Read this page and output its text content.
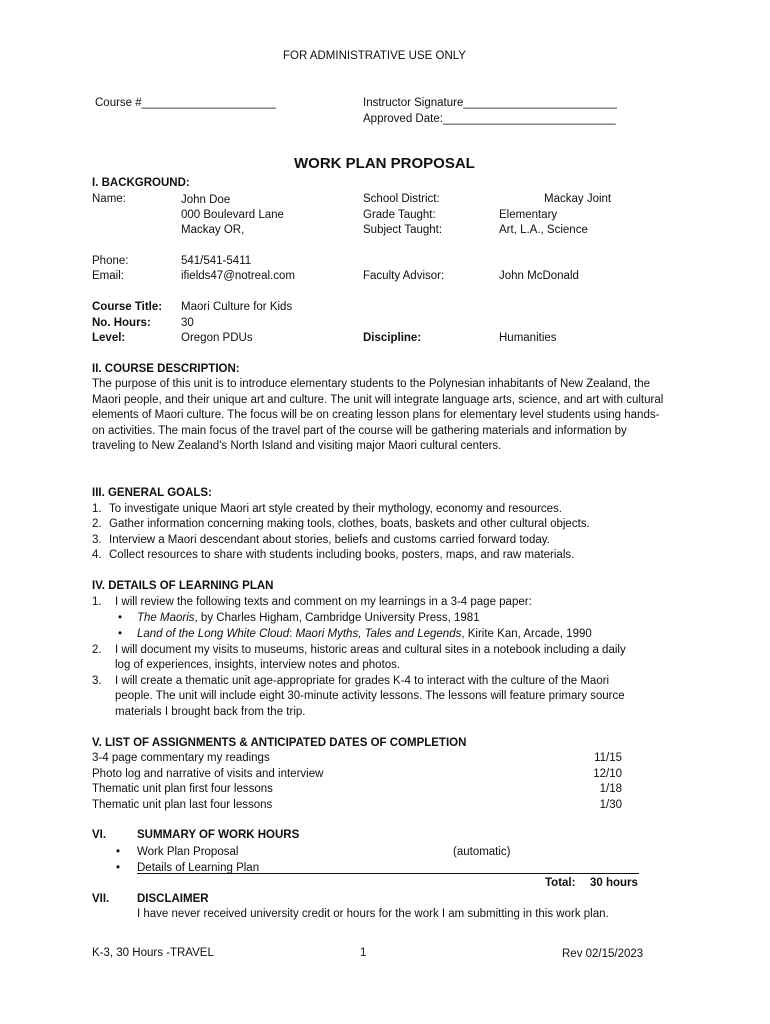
FOR ADMINISTRATIVE USE ONLY
Course #_____________________	Instructor Signature________________________
Approved Date:___________________________
WORK PLAN PROPOSAL
I. BACKGROUND:
Name:	John Doe
000 Boulevard Lane
Mackay OR,
School District:	Mackay Joint
Grade Taught:	Elementary
Subject Taught:	Art, L.A., Science
Phone:	541/541-5411
Email:	ifields47@notreal.com	Faculty Advisor:	John McDonald
Course Title: Maori Culture for Kids
No. Hours:	30
Level:	Oregon PDUs	Discipline:	Humanities
II. COURSE DESCRIPTION:
The purpose of this unit is to introduce elementary students to the Polynesian inhabitants of New Zealand, the Maori people, and their unique art and culture. The unit will integrate language arts, science, and art with cultural elements of Maori culture. The focus will be on creating lesson plans for elementary level students using hands-on activities. The main focus of the travel part of the course will be gathering materials and information by traveling to New Zealand's North Island and visiting major Maori cultural centers.
III. GENERAL GOALS:
1. To investigate unique Maori art style created by their mythology, economy and resources.
2. Gather information concerning making tools, clothes, boats, baskets and other cultural objects.
3. Interview a Maori descendant about stories, beliefs and customs carried forward today.
4. Collect resources to share with students including books, posters, maps, and raw materials.
IV. DETAILS OF LEARNING PLAN
1. I will review the following texts and comment on my learnings in a 3-4 page paper:
• The Maoris, by Charles Higham, Cambridge University Press, 1981
• Land of the Long White Cloud: Maori Myths, Tales and Legends, Kirite Kan, Arcade, 1990
2. I will document my visits to museums, historic areas and cultural sites in a notebook including a daily
log of experiences, insights, interview notes and photos.
3. I will create a thematic unit age-appropriate for grades K-4 to interact with the culture of the Maori
people. The unit will include eight 30-minute activity lessons. The lessons will feature primary source
materials I brought back from the trip.
V. LIST OF ASSIGNMENTS & ANTICIPATED DATES OF COMPLETION
3-4 page commentary my readings	11/15
Photo log and narrative of visits and interview	12/10
Thematic unit plan first four lessons	1/18
Thematic unit plan last four lessons	1/30
VI.	SUMMARY OF WORK HOURS
• Work Plan Proposal	(automatic)
• Details of Learning Plan
Total: 30 hours
VII. DISCLAIMER
I have never received university credit or hours for the work I am submitting in this work plan.
K-3, 30 Hours -TRAVEL	1	Rev 02/15/2023
